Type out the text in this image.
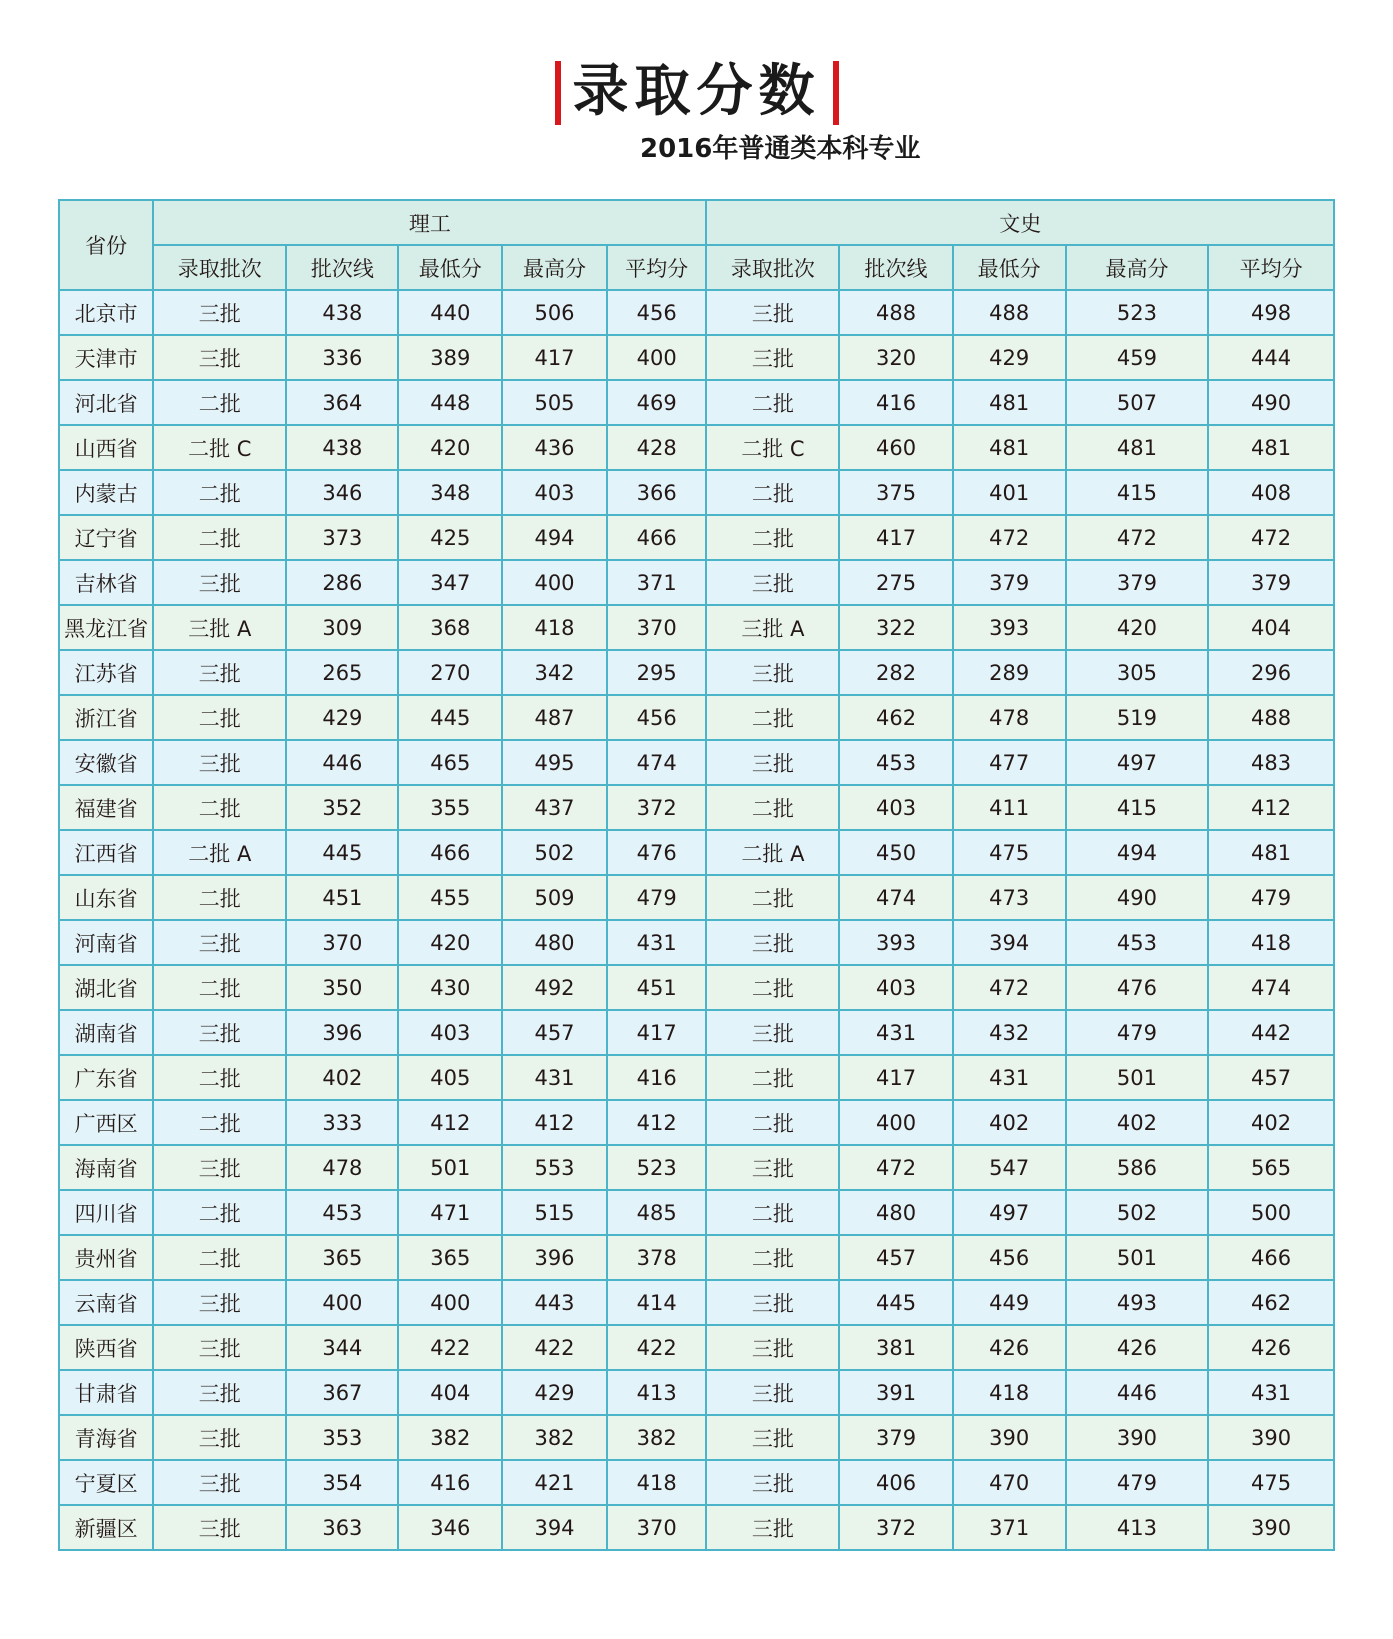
录取分数
2016年普通类本科专业
省份	理工					文史				
	录取批次	批次线	最低分	最高分	平均分	录取批次	批次线	最低分	最高分	平均分
北京市	三批	438	440	506	456	三批	488	488	523	498
天津市	三批	336	389	417	400	三批	320	429	459	444
河北省	二批	364	448	505	469	二批	416	481	507	490
山西省	二批 C	438	420	436	428	二批 C	460	481	481	481
内蒙古	二批	346	348	403	366	二批	375	401	415	408
辽宁省	二批	373	425	494	466	二批	417	472	472	472
吉林省	三批	286	347	400	371	三批	275	379	379	379
黑龙江省	三批 A	309	368	418	370	三批 A	322	393	420	404
江苏省	三批	265	270	342	295	三批	282	289	305	296
浙江省	二批	429	445	487	456	二批	462	478	519	488
安徽省	三批	446	465	495	474	三批	453	477	497	483
福建省	二批	352	355	437	372	二批	403	411	415	412
江西省	二批 A	445	466	502	476	二批 A	450	475	494	481
山东省	二批	451	455	509	479	二批	474	473	490	479
河南省	三批	370	420	480	431	三批	393	394	453	418
湖北省	二批	350	430	492	451	二批	403	472	476	474
湖南省	三批	396	403	457	417	三批	431	432	479	442
广东省	二批	402	405	431	416	二批	417	431	501	457
广西区	二批	333	412	412	412	二批	400	402	402	402
海南省	三批	478	501	553	523	三批	472	547	586	565
四川省	二批	453	471	515	485	二批	480	497	502	500
贵州省	二批	365	365	396	378	二批	457	456	501	466
云南省	三批	400	400	443	414	三批	445	449	493	462
陕西省	三批	344	422	422	422	三批	381	426	426	426
甘肃省	三批	367	404	429	413	三批	391	418	446	431
青海省	三批	353	382	382	382	三批	379	390	390	390
宁夏区	三批	354	416	421	418	三批	406	470	479	475
新疆区	三批	363	346	394	370	三批	372	371	413	390
